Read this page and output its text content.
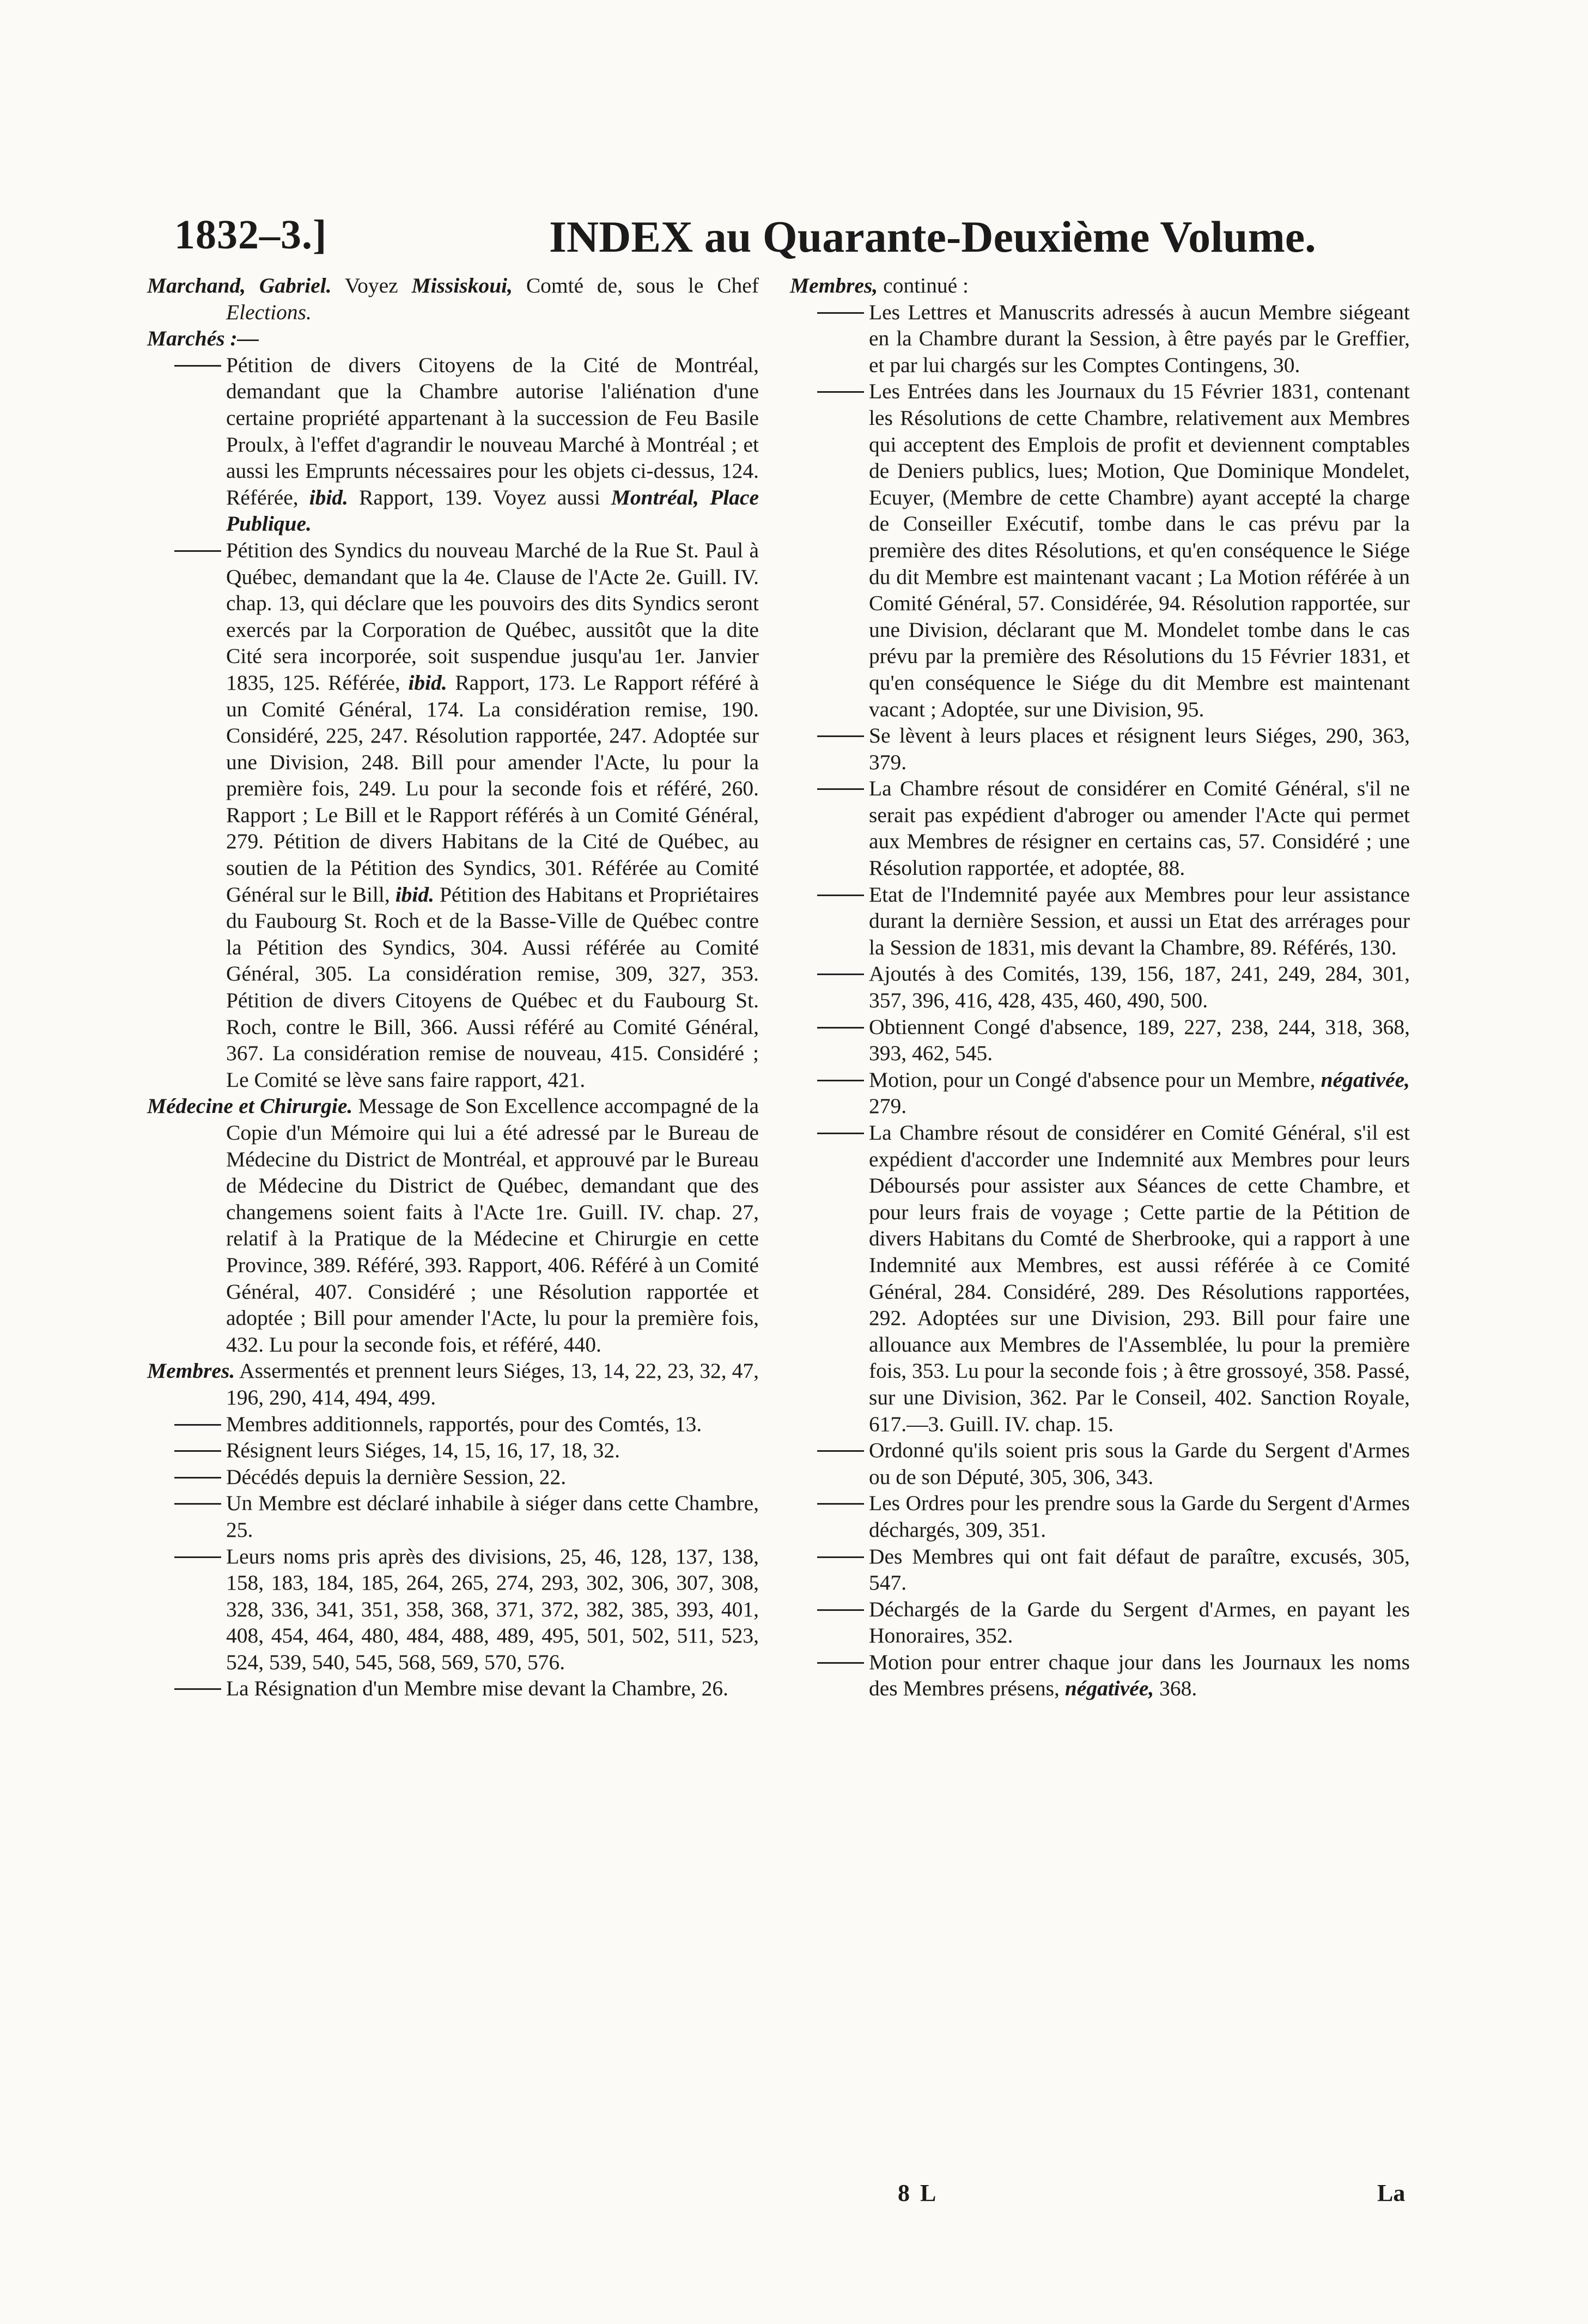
1832–3.]	INDEX au Quarante-Deuxième Volume.
Marchand, Gabriel. Voyez Missiskoui, Comté de, sous le Chef Elections.
Marchés :—
Pétition de divers Citoyens de la Cité de Montréal, demandant que la Chambre autorise l'aliénation d'une certaine propriété appartenant à la succession de Feu Basile Proulx, à l'effet d'agrandir le nouveau Marché à Montréal ; et aussi les Emprunts nécessaires pour les objets ci-dessus, 124. Référée, ibid. Rapport, 139. Voyez aussi Montréal, Place Publique.
Pétition des Syndics du nouveau Marché de la Rue St. Paul à Québec, demandant que la 4e. Clause de l'Acte 2e. Guill. IV. chap. 13, qui déclare que les pouvoirs des dits Syndics seront exercés par la Corporation de Québec, aussitôt que la dite Cité sera incorporée, soit suspendue jusqu'au 1er. Janvier 1835, 125. Référée, ibid. Rapport, 173. Le Rapport référé à un Comité Général, 174. La considération remise, 190. Considéré, 225, 247. Résolution rapportée, 247. Adoptée sur une Division, 248. Bill pour amender l'Acte, lu pour la première fois, 249. Lu pour la seconde fois et référé, 260. Rapport ; Le Bill et le Rapport référés à un Comité Général, 279. Pétition de divers Habitans de la Cité de Québec, au soutien de la Pétition des Syndics, 301. Référée au Comité Général sur le Bill, ibid. Pétition des Habitans et Propriétaires du Faubourg St. Roch et de la Basse-Ville de Québec contre la Pétition des Syndics, 304. Aussi référée au Comité Général, 305. La considération remise, 309, 327, 353. Pétition de divers Citoyens de Québec et du Faubourg St. Roch, contre le Bill, 366. Aussi référé au Comité Général, 367. La considération remise de nouveau, 415. Considéré ; Le Comité se lève sans faire rapport, 421.
Médecine et Chirurgie. Message de Son Excellence accompagné de la Copie d'un Mémoire qui lui a été adressé par le Bureau de Médecine du District de Montréal, et approuvé par le Bureau de Médecine du District de Québec, demandant que des changemens soient faits à l'Acte 1re. Guill. IV. chap. 27, relatif à la Pratique de la Médecine et Chirurgie en cette Province, 389. Référé, 393. Rapport, 406. Référé à un Comité Général, 407. Considéré ; une Résolution rapportée et adoptée ; Bill pour amender l'Acte, lu pour la première fois, 432. Lu pour la seconde fois, et référé, 440.
Membres. Assermentés et prennent leurs Siéges, 13, 14, 22, 23, 32, 47, 196, 290, 414, 494, 499.
Membres additionnels, rapportés, pour des Comtés, 13.
Résignent leurs Siéges, 14, 15, 16, 17, 18, 32.
Décédés depuis la dernière Session, 22.
Un Membre est déclaré inhabile à siéger dans cette Chambre, 25.
Leurs noms pris après des divisions, 25, 46, 128, 137, 138, 158, 183, 184, 185, 264, 265, 274, 293, 302, 306, 307, 308, 328, 336, 341, 351, 358, 368, 371, 372, 382, 385, 393, 401, 408, 454, 464, 480, 484, 488, 489, 495, 501, 502, 511, 523, 524, 539, 540, 545, 568, 569, 570, 576.
La Résignation d'un Membre mise devant la Chambre, 26.
Membres, continué :
Les Lettres et Manuscrits adressés à aucun Membre siégeant en la Chambre durant la Session, à être payés par le Greffier, et par lui chargés sur les Comptes Contingens, 30.
Les Entrées dans les Journaux du 15 Février 1831, contenant les Résolutions de cette Chambre, relativement aux Membres qui acceptent des Emplois de profit et deviennent comptables de Deniers publics, lues; Motion, Que Dominique Mondelet, Ecuyer, (Membre de cette Chambre) ayant accepté la charge de Conseiller Exécutif, tombe dans le cas prévu par la première des dites Résolutions, et qu'en conséquence le Siége du dit Membre est maintenant vacant ; La Motion référée à un Comité Général, 57. Considérée, 94. Résolution rapportée, sur une Division, déclarant que M. Mondelet tombe dans le cas prévu par la première des Résolutions du 15 Février 1831, et qu'en conséquence le Siége du dit Membre est maintenant vacant ; Adoptée, sur une Division, 95.
Se lèvent à leurs places et résignent leurs Siéges, 290, 363, 379.
La Chambre résout de considérer en Comité Général, s'il ne serait pas expédient d'abroger ou amender l'Acte qui permet aux Membres de résigner en certains cas, 57. Considéré ; une Résolution rapportée, et adoptée, 88.
Etat de l'Indemnité payée aux Membres pour leur assistance durant la dernière Session, et aussi un Etat des arrérages pour la Session de 1831, mis devant la Chambre, 89. Référés, 130.
Ajoutés à des Comités, 139, 156, 187, 241, 249, 284, 301, 357, 396, 416, 428, 435, 460, 490, 500.
Obtiennent Congé d'absence, 189, 227, 238, 244, 318, 368, 393, 462, 545.
Motion, pour un Congé d'absence pour un Membre, négativée, 279.
La Chambre résout de considérer en Comité Général, s'il est expédient d'accorder une Indemnité aux Membres pour leurs Déboursés pour assister aux Séances de cette Chambre, et pour leurs frais de voyage ; Cette partie de la Pétition de divers Habitans du Comté de Sherbrooke, qui a rapport à une Indemnité aux Membres, est aussi référée à ce Comité Général, 284. Considéré, 289. Des Résolutions rapportées, 292. Adoptées sur une Division, 293. Bill pour faire une allouance aux Membres de l'Assemblée, lu pour la première fois, 353. Lu pour la seconde fois ; à être grossoyé, 358. Passé, sur une Division, 362. Par le Conseil, 402. Sanction Royale, 617.—3. Guill. IV. chap. 15.
Ordonné qu'ils soient pris sous la Garde du Sergent d'Armes ou de son Député, 305, 306, 343.
Les Ordres pour les prendre sous la Garde du Sergent d'Armes déchargés, 309, 351.
Des Membres qui ont fait défaut de paraître, excusés, 305, 547.
Déchargés de la Garde du Sergent d'Armes, en payant les Honoraires, 352.
Motion pour entrer chaque jour dans les Journaux les noms des Membres présens, négativée, 368.
8 L	La
